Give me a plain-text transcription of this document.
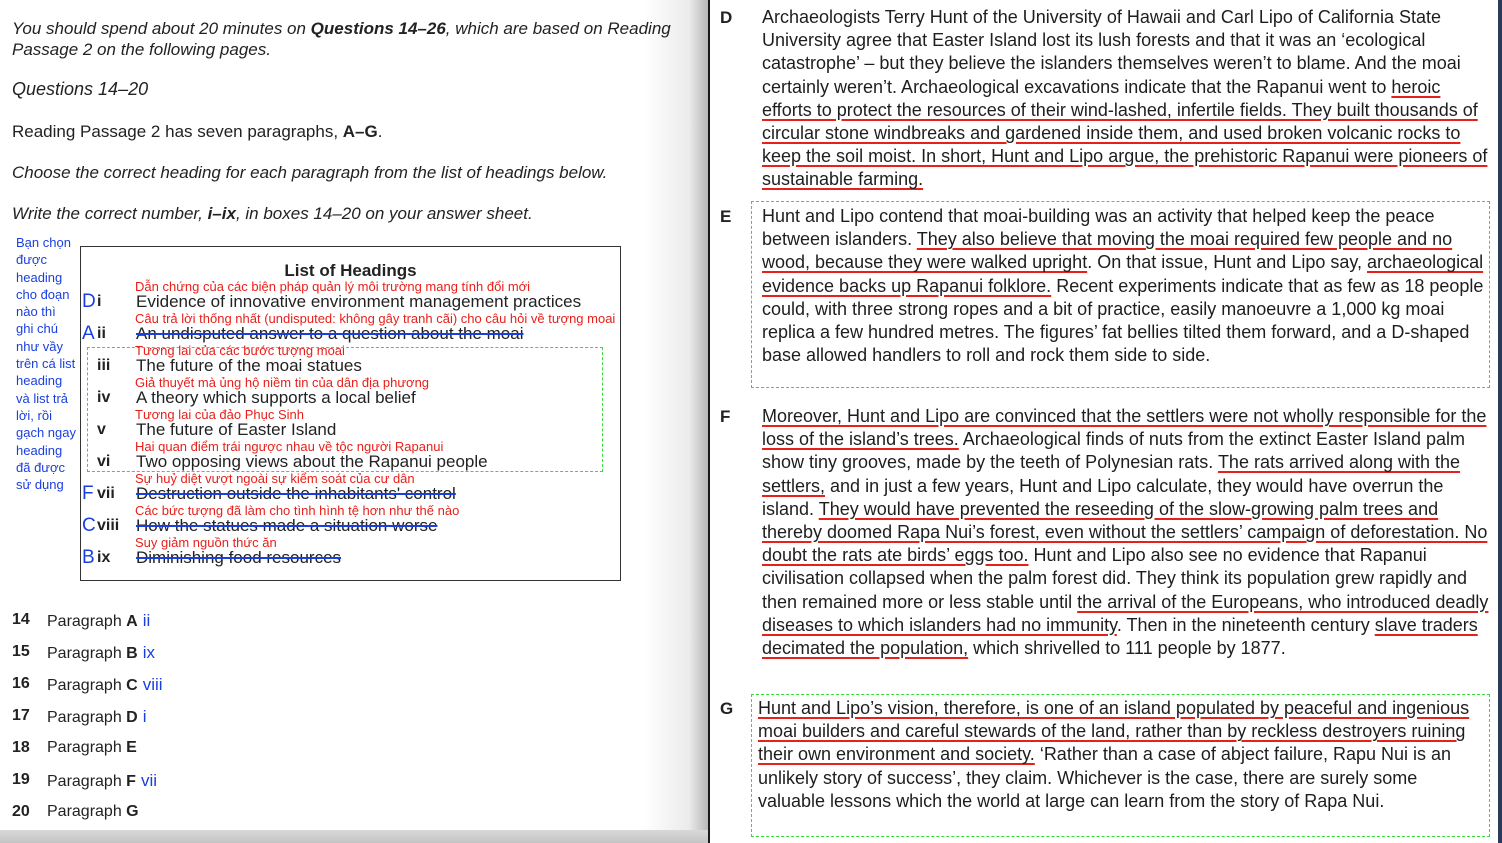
You should spend about 20 minutes on Questions 14–26, which are based on Reading
Passage 2 on the following pages.
Questions 14–20
Reading Passage 2 has seven paragraphs, A–G.
Choose the correct heading for each paragraph from the list of headings below.
Write the correct number, i–ix, in boxes 14–20 on your answer sheet.
Bạn chọn được heading cho đoạn nào thì ghi chú như vầy trên cá list heading và list trả lời, rồi gạch ngay heading đã được sử dụng
List of Headings
Dẫn chứng của các biện pháp quản lý môi trường mang tính đổi mới
D i Evidence of innovative environment management practices
Câu trả lời thống nhất (undisputed: không gây tranh cãi) cho câu hỏi về tượng moai
A ii An undisputed answer to a question about the moai
Tương lai của các bước tượng moai
iii The future of the moai statues
Giả thuyết mà ủng hộ niềm tin của dân địa phương
iv A theory which supports a local belief
Tương lai của đảo Phục Sinh
v The future of Easter Island
Hai quan điểm trái ngược nhau về tộc người Rapanui
vi Two opposing views about the Rapanui people
Sự huỷ diệt vượt ngoài sự kiểm soát của cư dân
F vii Destruction outside the inhabitants' control
Các bức tượng đã làm cho tình hình tệ hơn như thế nào
C viii How the statues made a situation worse
Suy giảm nguồn thức ăn
B ix Diminishing food resources
14 Paragraph A ii
15 Paragraph B ix
16 Paragraph C viii
17 Paragraph D i
18 Paragraph E
19 Paragraph F vii
20 Paragraph G
D Archaeologists Terry Hunt of the University of Hawaii and Carl Lipo of California State University agree that Easter Island lost its lush forests and that it was an ‘ecological catastrophe’ – but they believe the islanders themselves weren’t to blame. And the moai certainly weren’t. Archaeological excavations indicate that the Rapanui went to heroic efforts to protect the resources of their wind-lashed, infertile fields. They built thousands of circular stone windbreaks and gardened inside them, and used broken volcanic rocks to keep the soil moist. In short, Hunt and Lipo argue, the prehistoric Rapanui were pioneers of sustainable farming.
E Hunt and Lipo contend that moai-building was an activity that helped keep the peace between islanders. They also believe that moving the moai required few people and no wood, because they were walked upright. On that issue, Hunt and Lipo say, archaeological evidence backs up Rapanui folklore. Recent experiments indicate that as few as 18 people could, with three strong ropes and a bit of practice, easily manoeuvre a 1,000 kg moai replica a few hundred metres. The figures’ fat bellies tilted them forward, and a D-shaped base allowed handlers to roll and rock them side to side.
F Moreover, Hunt and Lipo are convinced that the settlers were not wholly responsible for the loss of the island’s trees. Archaeological finds of nuts from the extinct Easter Island palm show tiny grooves, made by the teeth of Polynesian rats. The rats arrived along with the settlers, and in just a few years, Hunt and Lipo calculate, they would have overrun the island. They would have prevented the reseeding of the slow-growing palm trees and thereby doomed Rapa Nui’s forest, even without the settlers’ campaign of deforestation. No doubt the rats ate birds’ eggs too. Hunt and Lipo also see no evidence that Rapanui civilisation collapsed when the palm forest did. They think its population grew rapidly and then remained more or less stable until the arrival of the Europeans, who introduced deadly diseases to which islanders had no immunity. Then in the nineteenth century slave traders decimated the population, which shrivelled to 111 people by 1877.
G Hunt and Lipo’s vision, therefore, is one of an island populated by peaceful and ingenious moai builders and careful stewards of the land, rather than by reckless destroyers ruining their own environment and society. ‘Rather than a case of abject failure, Rapu Nui is an unlikely story of success’, they claim. Whichever is the case, there are surely some valuable lessons which the world at large can learn from the story of Rapa Nui.
